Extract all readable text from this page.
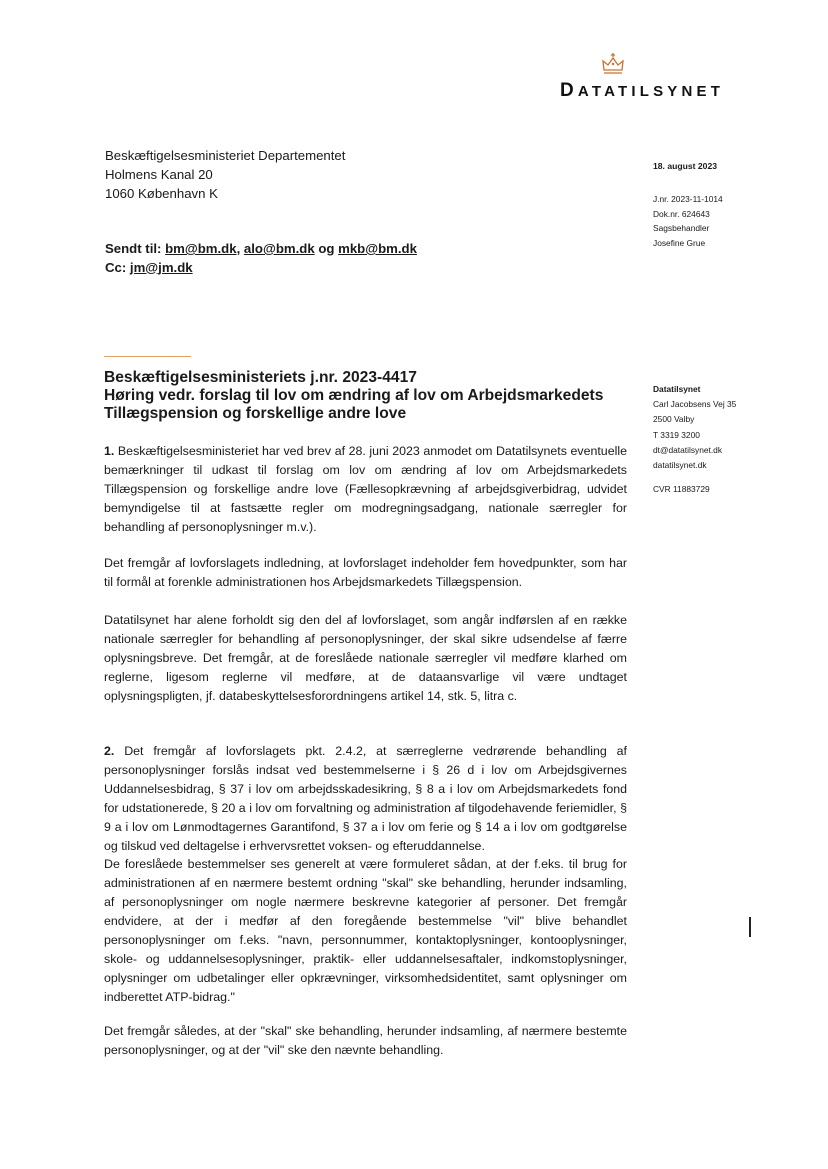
DATATILSYNET
Beskæftigelsesministeriet Departementet
Holmens Kanal 20
1060 København K
18. august 2023
J.nr. 2023-11-1014
Dok.nr. 624643
Sagsbehandler
Josefine Grue
Sendt til: bm@bm.dk, alo@bm.dk og mkb@bm.dk
Cc: jm@jm.dk
Beskæftigelsesministeriets j.nr. 2023-4417
Høring vedr. forslag til lov om ændring af lov om Arbejdsmarkedets
Tillægspension og forskellige andre love
Datatilsynet
Carl Jacobsens Vej 35
2500 Valby
T 3319 3200
dt@datatilsynet.dk
datatilsynet.dk
CVR 11883729
1. Beskæftigelsesministeriet har ved brev af 28. juni 2023 anmodet om Datatilsynets eventuelle bemærkninger til udkast til forslag om lov om ændring af lov om Arbejdsmarkedets Tillægspension og forskellige andre love (Fællesopkrævning af arbejdsgiverbidrag, udvidet bemyndigelse til at fastsætte regler om modregningsadgang, nationale særregler for behandling af personoplysninger m.v.).
Det fremgår af lovforslagets indledning, at lovforslaget indeholder fem hovedpunkter, som har til formål at forenkle administrationen hos Arbejdsmarkedets Tillægspension.
Datatilsynet har alene forholdt sig den del af lovforslaget, som angår indførslen af en række nationale særregler for behandling af personoplysninger, der skal sikre udsendelse af færre oplysningsbreve. Det fremgår, at de foreslåede nationale særregler vil medføre klarhed om reglerne, ligesom reglerne vil medføre, at de dataansvarlige vil være undtaget oplysningspligten, jf. databeskyttelsesforordningens artikel 14, stk. 5, litra c.
2. Det fremgår af lovforslagets pkt. 2.4.2, at særreglerne vedrørende behandling af personoplysninger forslås indsat ved bestemmelserne i § 26 d i lov om Arbejdsgivernes Uddannelsesbidrag, § 37 i lov om arbejdsskadesikring, § 8 a i lov om Arbejdsmarkedets fond for udstationerede, § 20 a i lov om forvaltning og administration af tilgodehavende feriemidler, § 9 a i lov om Lønmodtagernes Garantifond, § 37 a i lov om ferie og § 14 a i lov om godtgørelse og tilskud ved deltagelse i erhvervsrettet voksen- og efteruddannelse.
De foreslåede bestemmelser ses generelt at være formuleret sådan, at der f.eks. til brug for administrationen af en nærmere bestemt ordning "skal" ske behandling, herunder indsamling, af personoplysninger om nogle nærmere beskrevne kategorier af personer. Det fremgår endvidere, at der i medfør af den foregående bestemmelse "vil" blive behandlet personoplysninger om f.eks. "navn, personnummer, kontaktoplysninger, kontooplysninger, skole- og uddannelsesoplysninger, praktik- eller uddannelsesaftaler, indkomstoplysninger, oplysninger om udbetalinger eller opkrævninger, virksomhedsidentitet, samt oplysninger om indberettet ATP-bidrag."
Det fremgår således, at der "skal" ske behandling, herunder indsamling, af nærmere bestemte personoplysninger, og at der "vil" ske den nævnte behandling.
